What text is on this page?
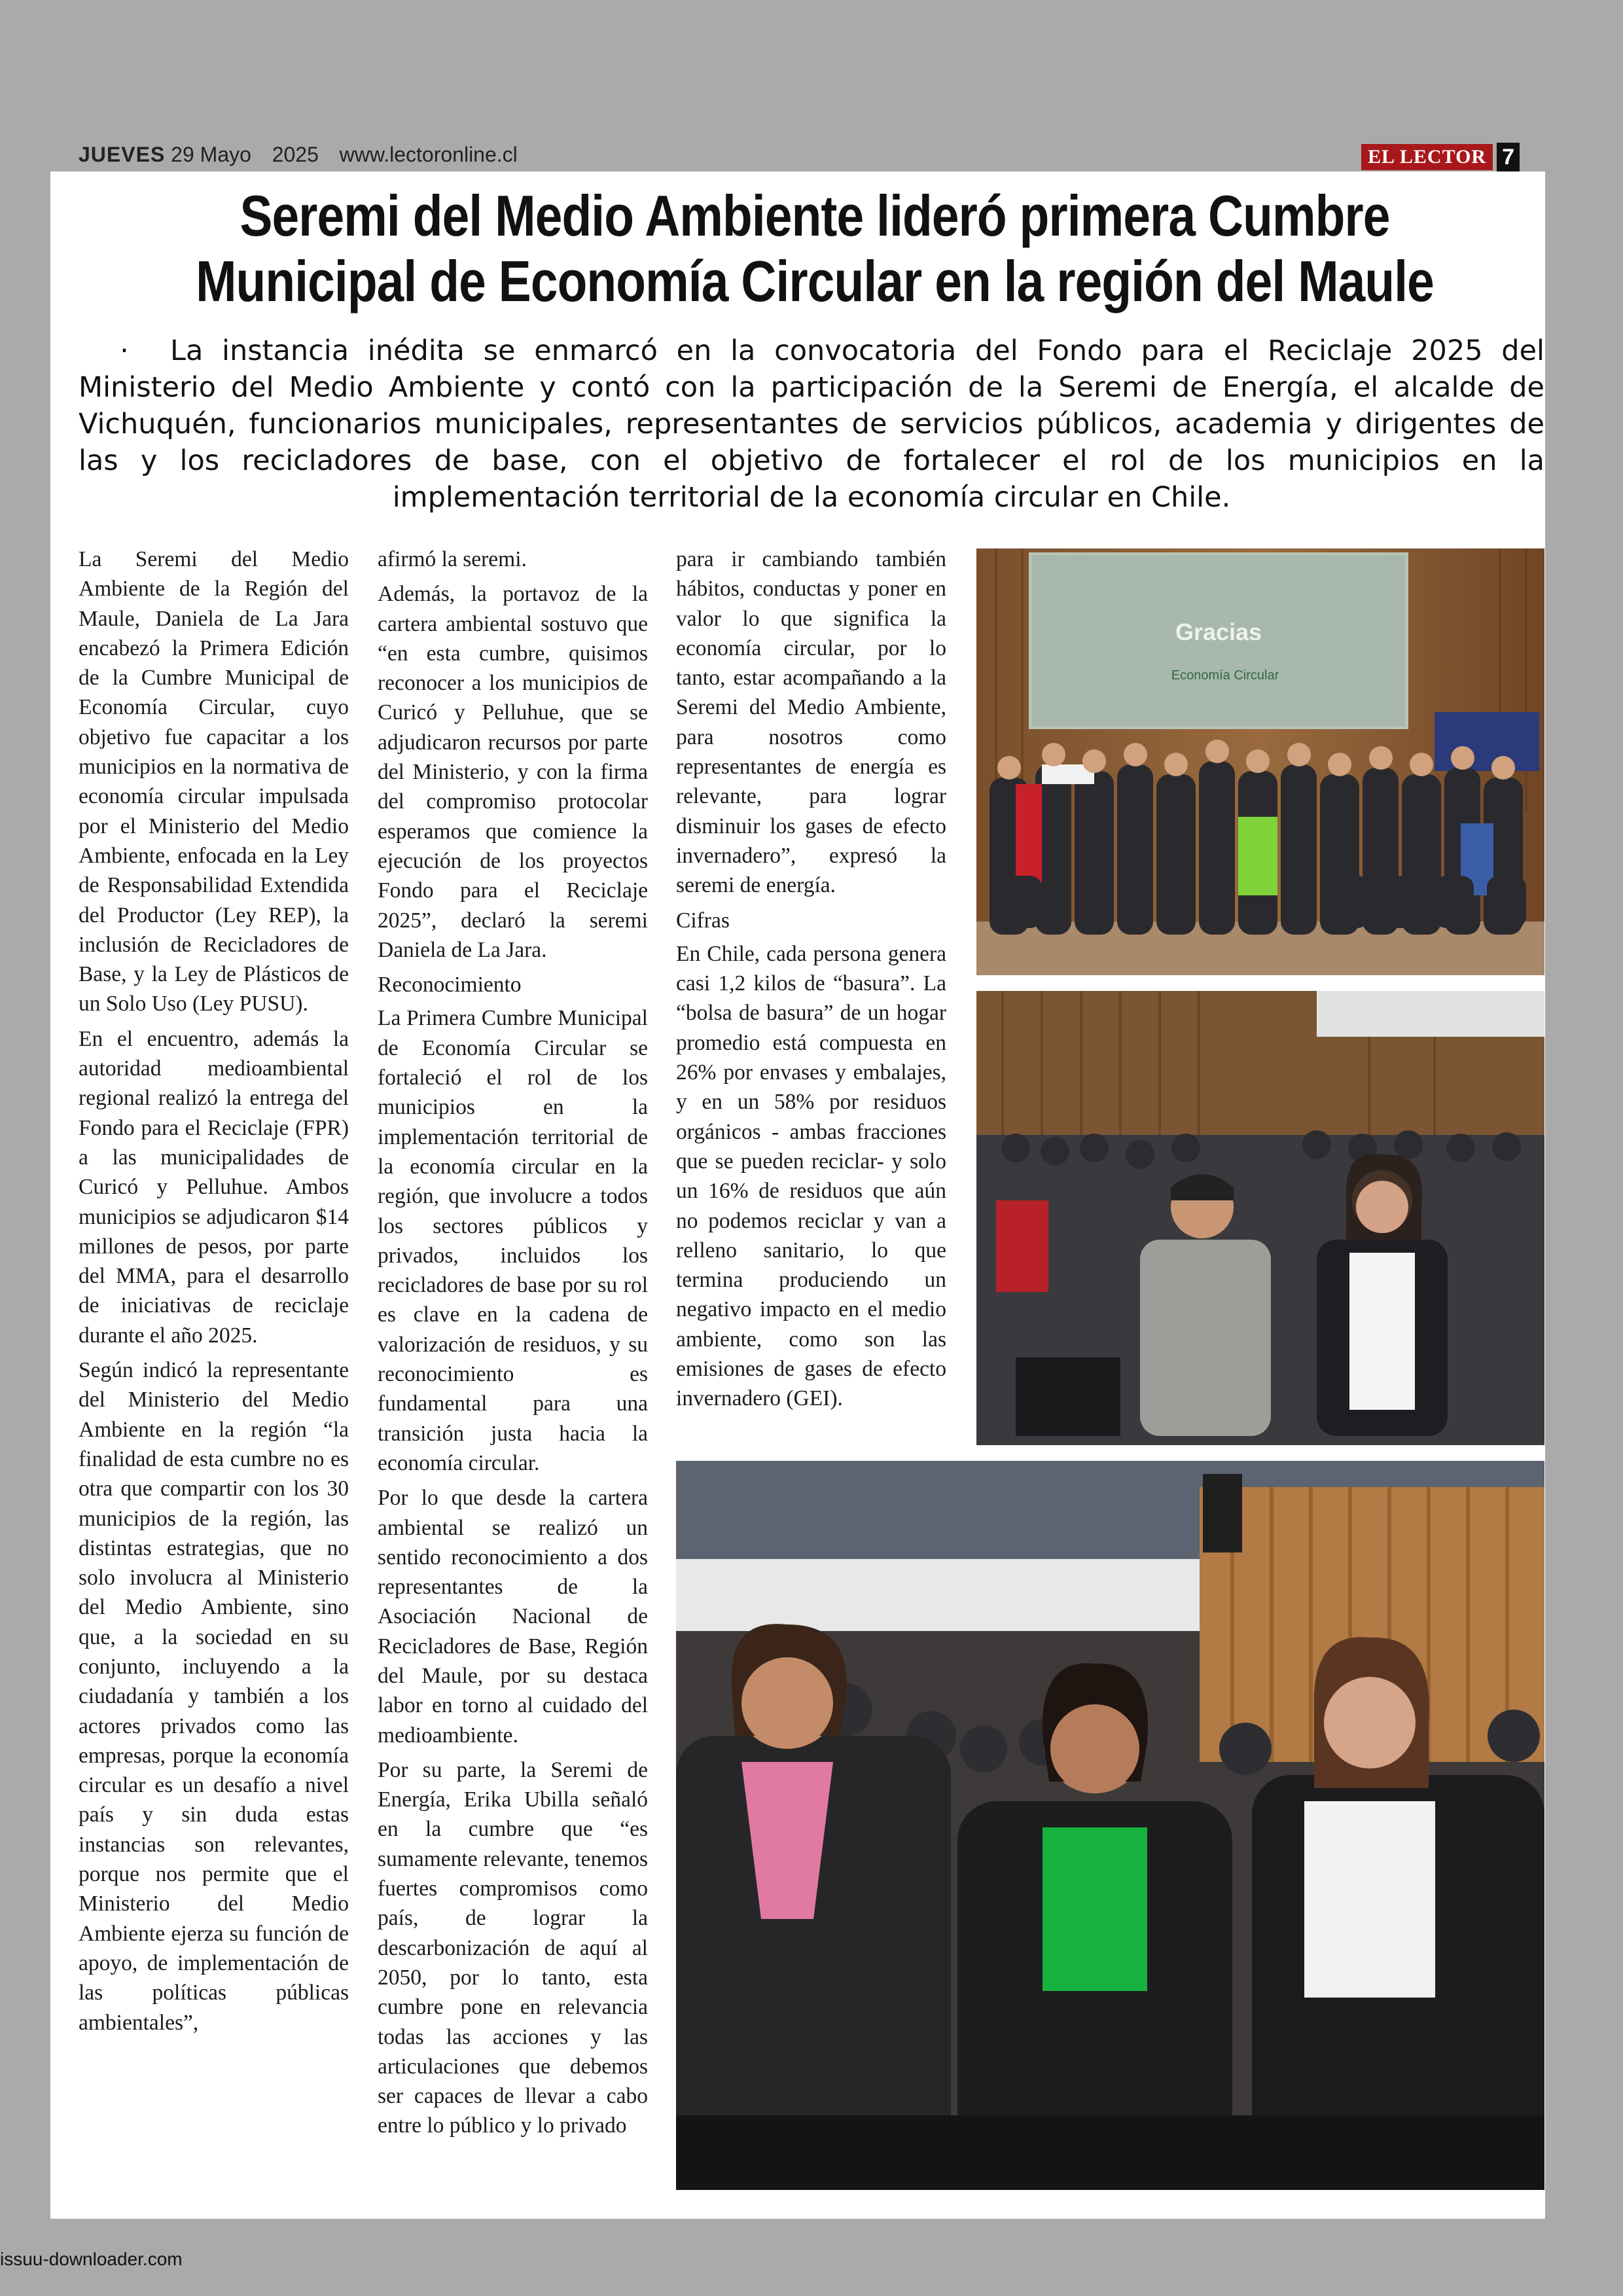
JUEVES 29 Mayo 2025 www.lectoronline.cl	EL LECTOR 7
Seremi del Medio Ambiente lideró primera Cumbre
Municipal de Economía Circular en la región del Maule
· La instancia inédita se enmarcó en la convocatoria del Fondo para el Reciclaje 2025 del Ministerio del Medio Ambiente y contó con la participación de la Seremi de Energía, el alcalde de Vichuquén, funcionarios municipales, representantes de servicios públicos, academia y dirigentes de las y los recicladores de base, con el objetivo de fortalecer el rol de los municipios en la implementación territorial de la economía circular en Chile.

La Seremi del Medio Ambiente de la Región del Maule, Daniela de La Jara encabezó la Primera Edición de la Cumbre Municipal de Economía Circular, cuyo objetivo fue capacitar a los municipios en la normativa de economía circular impulsada por el Ministerio del Medio Ambiente, enfocada en la Ley de Responsabilidad Extendida del Productor (Ley REP), la inclusión de Recicladores de Base, y la Ley de Plásticos de un Solo Uso (Ley PUSU).

En el encuentro, además la autoridad medioambiental regional realizó la entrega del Fondo para el Reciclaje (FPR) a las municipalidades de Curicó y Pelluhue. Ambos municipios se adjudicaron $14 millones de pesos, por parte del MMA, para el desarrollo de iniciativas de reciclaje durante el año 2025.

Según indicó la representante del Ministerio del Medio Ambiente en la región “la finalidad de esta cumbre no es otra que compartir con los 30 municipios de la región, las distintas estrategias, que no solo involucra al Ministerio del Medio Ambiente, sino que, a la sociedad en su conjunto, incluyendo a la ciudadanía y también a los actores privados como las empresas, porque la economía circular es un desafío a nivel país y sin duda estas instancias son relevantes, porque nos permite que el Ministerio del Medio Ambiente ejerza su función de apoyo, de implementación de las políticas públicas ambientales”,

afirmó la seremi.

Además, la portavoz de la cartera ambiental sostuvo que “en esta cumbre, quisimos reconocer a los municipios de Curicó y Pelluhue, que se adjudicaron recursos por parte del Ministerio, y con la firma del compromiso protocolar esperamos que comience la ejecución de los proyectos Fondo para el Reciclaje 2025”, declaró la seremi Daniela de La Jara.

Reconocimiento

La Primera Cumbre Municipal de Economía Circular se fortaleció el rol de los municipios en la implementación territorial de la economía circular en la región, que involucre a todos los sectores públicos y privados, incluidos los recicladores de base por su rol es clave en la cadena de valorización de residuos, y su reconocimiento es fundamental para una transición justa hacia la economía circular.

Por lo que desde la cartera ambiental se realizó un sentido reconocimiento a dos representantes de la Asociación Nacional de Recicladores de Base, Región del Maule, por su destaca labor en torno al cuidado del medioambiente.

Por su parte, la Seremi de Energía, Erika Ubilla señaló en la cumbre que “es sumamente relevante, tenemos fuertes compromisos como país, de lograr la descarbonización de aquí al 2050, por lo tanto, esta cumbre pone en relevancia todas las acciones y las articulaciones que debemos ser capaces de llevar a cabo entre lo público y lo privado

para ir cambiando también hábitos, conductas y poner en valor lo que significa la economía circular, por lo tanto, estar acompañando a la Seremi del Medio Ambiente, para nosotros como representantes de energía es relevante, para lograr disminuir los gases de efecto invernadero”, expresó la seremi de energía.

Cifras

En Chile, cada persona genera casi 1,2 kilos de “basura”. La “bolsa de basura” de un hogar promedio está compuesta en 26% por envases y embalajes, y en un 58% por residuos orgánicos - ambas fracciones que se pueden reciclar- y solo un 16% de residuos que aún no podemos reciclar y van a relleno sanitario, lo que termina produciendo un negativo impacto en el medio ambiente, como son las emisiones de gases de efecto invernadero (GEI).

Gracias
Economía Circular
issuu-downloader.com
